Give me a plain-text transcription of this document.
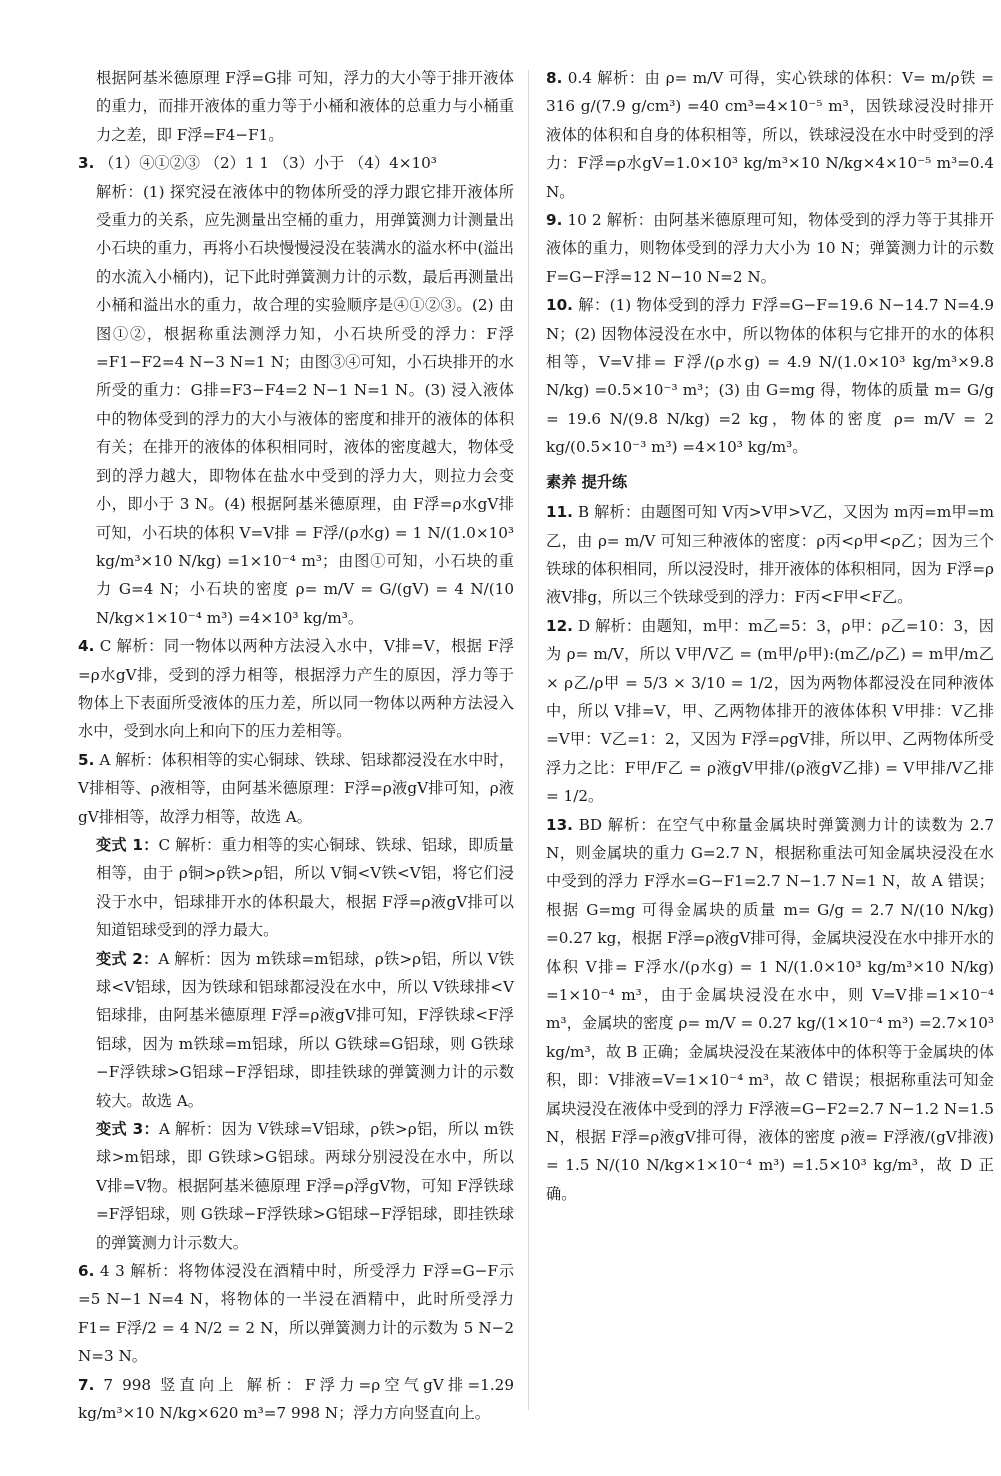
根据阿基米德原理 F浮=G排 可知，浮力的大小等于排开液体的重力，而排开液体的重力等于小桶和液体的总重力与小桶重力之差，即 F浮=F4−F1。

3. （1）④①②③ （2）1 1 （3）小于 （4）4×10³

解析：(1) 探究浸在液体中的物体所受的浮力跟它排开液体所受重力的关系，应先测量出空桶的重力，用弹簧测力计测量出小石块的重力，再将小石块慢慢浸没在装满水的溢水杯中(溢出的水流入小桶内)，记下此时弹簧测力计的示数，最后再测量出小桶和溢出水的重力，故合理的实验顺序是④①②③。(2) 由图①②，根据称重法测浮力知，小石块所受的浮力：F浮=F1−F2=4 N−3 N=1 N；由图③④可知，小石块排开的水所受的重力：G排=F3−F4=2 N−1 N=1 N。(3) 浸入液体中的物体受到的浮力的大小与液体的密度和排开的液体的体积有关；在排开的液体的体积相同时，液体的密度越大，物体受到的浮力越大，即物体在盐水中受到的浮力大，则拉力会变小，即小于 3 N。(4) 根据阿基米德原理，由 F浮=ρ水gV排 可知，小石块的体积 V=V排 = F浮/(ρ水g) = 1 N/(1.0×10³ kg/m³×10 N/kg) =1×10⁻⁴ m³；由图①可知，小石块的重力 G=4 N；小石块的密度 ρ= m/V = G/(gV) = 4 N/(10 N/kg×1×10⁻⁴ m³) =4×10³ kg/m³。

4. C 解析：同一物体以两种方法浸入水中，V排=V，根据 F浮=ρ水gV排，受到的浮力相等，根据浮力产生的原因，浮力等于物体上下表面所受液体的压力差，所以同一物体以两种方法浸入水中，受到水向上和向下的压力差相等。

5. A 解析：体积相等的实心铜球、铁球、铝球都浸没在水中时，V排相等、ρ液相等，由阿基米德原理：F浮=ρ液gV排可知，ρ液gV排相等，故浮力相等，故选 A。

变式 1：C 解析：重力相等的实心铜球、铁球、铝球，即质量相等，由于 ρ铜>ρ铁>ρ铝，所以 V铜<V铁<V铝，将它们浸没于水中，铝球排开水的体积最大，根据 F浮=ρ液gV排可以知道铝球受到的浮力最大。

变式 2：A 解析：因为 m铁球=m铝球，ρ铁>ρ铝，所以 V铁球<V铝球，因为铁球和铝球都浸没在水中，所以 V铁球排<V铝球排，由阿基米德原理 F浮=ρ液gV排可知，F浮铁球<F浮铝球，因为 m铁球=m铝球，所以 G铁球=G铝球，则 G铁球−F浮铁球>G铝球−F浮铝球，即挂铁球的弹簧测力计的示数较大。故选 A。

变式 3：A 解析：因为 V铁球=V铝球，ρ铁>ρ铝，所以 m铁球>m铝球，即 G铁球>G铝球。两球分别浸没在水中，所以 V排=V物。根据阿基米德原理 F浮=ρ浮gV物，可知 F浮铁球=F浮铝球，则 G铁球−F浮铁球>G铝球−F浮铝球，即挂铁球的弹簧测力计示数大。

6. 4 3 解析：将物体浸没在酒精中时，所受浮力 F浮=G−F示=5 N−1 N=4 N，将物体的一半浸在酒精中，此时所受浮力 F1= F浮/2 = 4 N/2 = 2 N，所以弹簧测力计的示数为 5 N−2 N=3 N。

7. 7 998 竖直向上 解析：F浮力=ρ空气gV排=1.29 kg/m³×10 N/kg×620 m³=7 998 N；浮力方向竖直向上。

8. 0.4 解析：由 ρ= m/V 可得，实心铁球的体积：V= m/ρ铁 = 316 g/(7.9 g/cm³) =40 cm³=4×10⁻⁵ m³，因铁球浸没时排开液体的体积和自身的体积相等，所以，铁球浸没在水中时受到的浮力：F浮=ρ水gV=1.0×10³ kg/m³×10 N/kg×4×10⁻⁵ m³=0.4 N。

9. 10 2 解析：由阿基米德原理可知，物体受到的浮力等于其排开液体的重力，则物体受到的浮力大小为 10 N；弹簧测力计的示数 F=G−F浮=12 N−10 N=2 N。

10. 解：(1) 物体受到的浮力 F浮=G−F=19.6 N−14.7 N=4.9 N；(2) 因物体浸没在水中，所以物体的体积与它排开的水的体积相等，V=V排= F浮/(ρ水g) = 4.9 N/(1.0×10³ kg/m³×9.8 N/kg) =0.5×10⁻³ m³；(3) 由 G=mg 得，物体的质量 m= G/g = 19.6 N/(9.8 N/kg) =2 kg，物体的密度 ρ= m/V = 2 kg/(0.5×10⁻³ m³) =4×10³ kg/m³。

素养 提升练

11. B 解析：由题图可知 V丙>V甲>V乙，又因为 m丙=m甲=m乙，由 ρ= m/V 可知三种液体的密度：ρ丙<ρ甲<ρ乙；因为三个铁球的体积相同，所以浸没时，排开液体的体积相同，因为 F浮=ρ液V排g，所以三个铁球受到的浮力：F丙<F甲<F乙。

12. D 解析：由题知，m甲：m乙=5：3，ρ甲：ρ乙=10：3，因为 ρ= m/V，所以 V甲/V乙 = (m甲/ρ甲):(m乙/ρ乙) = m甲/m乙 × ρ乙/ρ甲 = 5/3 × 3/10 = 1/2，因为两物体都浸没在同种液体中，所以 V排=V，甲、乙两物体排开的液体体积 V甲排：V乙排=V甲：V乙=1：2，又因为 F浮=ρgV排，所以甲、乙两物体所受浮力之比：F甲/F乙 = ρ液gV甲排/(ρ液gV乙排) = V甲排/V乙排 = 1/2。

13. BD 解析：在空气中称量金属块时弹簧测力计的读数为 2.7 N，则金属块的重力 G=2.7 N，根据称重法可知金属块浸没在水中受到的浮力 F浮水=G−F1=2.7 N−1.7 N=1 N，故 A 错误；根据 G=mg 可得金属块的质量 m= G/g = 2.7 N/(10 N/kg) =0.27 kg，根据 F浮=ρ液gV排可得，金属块浸没在水中排开水的体积 V排= F浮水/(ρ水g) = 1 N/(1.0×10³ kg/m³×10 N/kg) =1×10⁻⁴ m³，由于金属块浸没在水中，则 V=V排=1×10⁻⁴ m³，金属块的密度 ρ= m/V = 0.27 kg/(1×10⁻⁴ m³) =2.7×10³ kg/m³，故 B 正确；金属块浸没在某液体中的体积等于金属块的体积，即：V排液=V=1×10⁻⁴ m³，故 C 错误；根据称重法可知金属块浸没在液体中受到的浮力 F浮液=G−F2=2.7 N−1.2 N=1.5 N，根据 F浮=ρ液gV排可得，液体的密度 ρ液= F浮液/(gV排液) = 1.5 N/(10 N/kg×1×10⁻⁴ m³) =1.5×10³ kg/m³，故 D 正确。
